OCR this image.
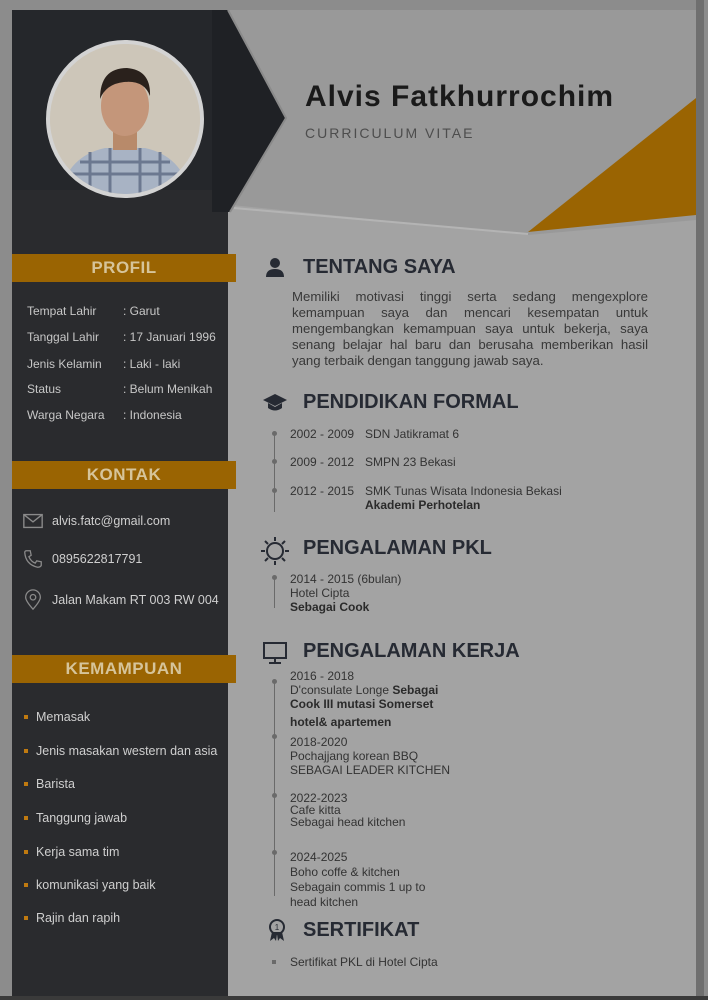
Alvis Fatkhurrochim
CURRICULUM VITAE
PROFIL
Tempat Lahir : Garut
Tanggal Lahir : 17 Januari 1996
Jenis Kelamin : Laki - laki
Status	: Belum Menikah
Warga Negara : Indonesia
KONTAK
alvis.fatc@gmail.com
0895622817791
Jalan Makam RT 003 RW 004
KEMAMPUAN
Memasak
Jenis masakan western dan asia
Barista
Tanggung jawab
Kerja sama tim
komunikasi yang baik
Rajin dan rapih
TENTANG SAYA
Memiliki motivasi tinggi serta sedang mengexplore kemampuan saya dan mencari kesempatan untuk mengembangkan kemampuan saya untuk bekerja, saya senang belajar hal baru dan berusaha memberikan hasil yang terbaik dengan tanggung jawab saya.
PENDIDIKAN FORMAL
2002 - 2009 SDN Jatikramat 6
2009 - 2012 SMPN 23 Bekasi
2012 - 2015 SMK Tunas Wisata Indonesia Bekasi
Akademi Perhotelan
PENGALAMAN PKL
2014 - 2015 (6bulan)
Hotel Cipta
Sebagai Cook
PENGALAMAN KERJA
2016 - 2018
D'consulate Longe Sebagai
Cook III mutasi Somerset
hotel& apartemen
2018-2020
Pochajjang korean BBQ
SEBAGAI LEADER KITCHEN
2022-2023
Cafe kitta
Sebagai head kitchen
2024-2025
Boho coffe & kitchen
Sebagain commis 1 up to
head kitchen
1 SERTIFIKAT
Sertifikat PKL di Hotel Cipta
